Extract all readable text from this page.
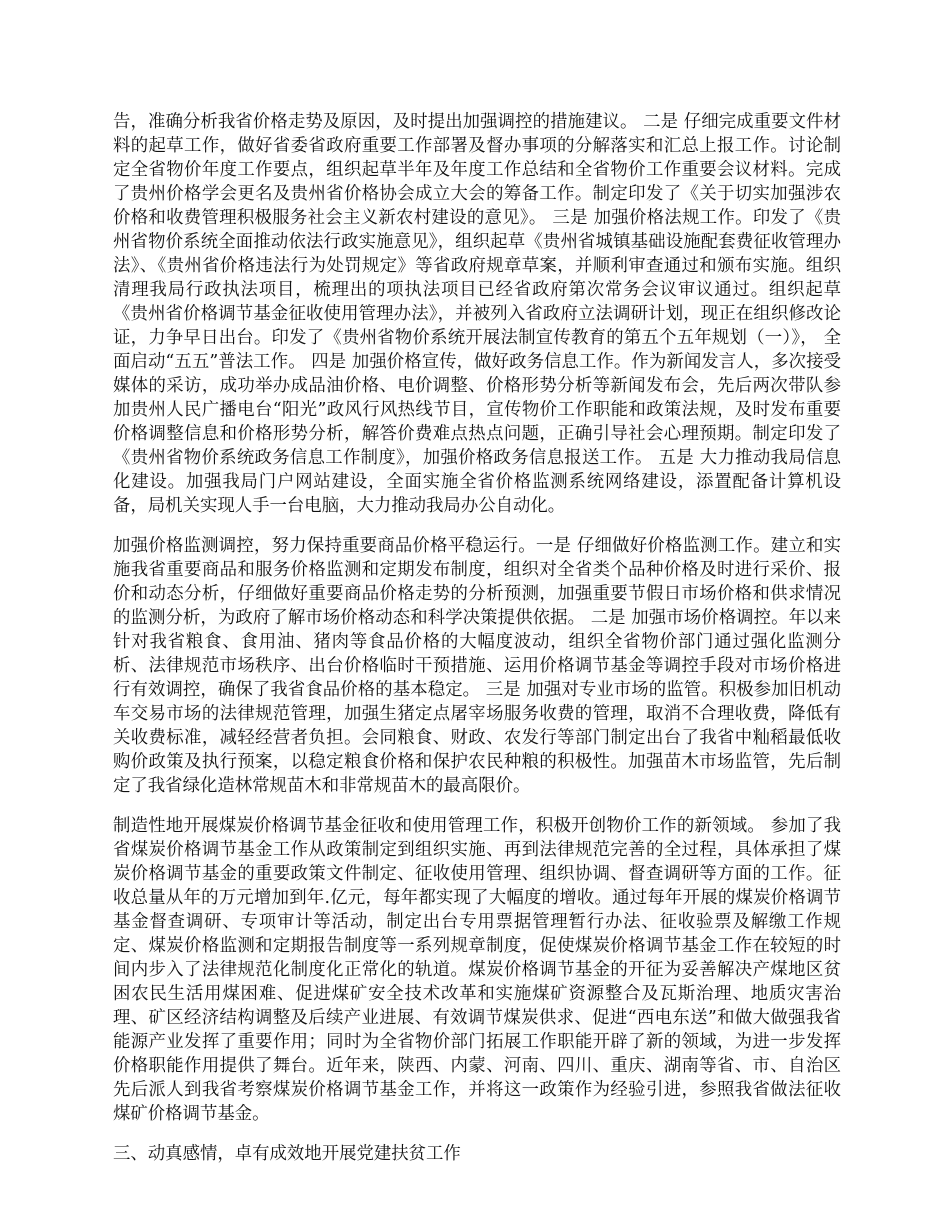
告，准确分析我省价格走势及原因，及时提出加强调控的措施建议。 二是 仔细完成重要文件材料的起草工作，做好省委省政府重要工作部署及督办事项的分解落实和汇总上报工作。讨论制定全省物价年度工作要点，组织起草半年及年度工作总结和全省物价工作重要会议材料。完成了贵州价格学会更名及贵州省价格协会成立大会的筹备工作。制定印发了《关于切实加强涉农价格和收费管理积极服务社会主义新农村建设的意见》。 三是 加强价格法规工作。印发了《贵州省物价系统全面推动依法行政实施意见》，组织起草《贵州省城镇基础设施配套费征收管理办法》、《贵州省价格违法行为处罚规定》等省政府规章草案，并顺利审查通过和颁布实施。组织清理我局行政执法项目，梳理出的项执法项目已经省政府第次常务会议审议通过。组织起草《贵州省价格调节基金征收使用管理办法》，并被列入省政府立法调研计划，现正在组织修改论证，力争早日出台。印发了《贵州省物价系统开展法制宣传教育的第五个五年规划（一）》， 全面启动“五五”普法工作。 四是 加强价格宣传，做好政务信息工作。作为新闻发言人，多次接受媒体的采访，成功举办成品油价格、电价调整、价格形势分析等新闻发布会，先后两次带队参加贵州人民广播电台“阳光”政风行风热线节目，宣传物价工作职能和政策法规，及时发布重要价格调整信息和价格形势分析，解答价费难点热点问题，正确引导社会心理预期。制定印发了《贵州省物价系统政务信息工作制度》，加强价格政务信息报送工作。 五是 大力推动我局信息化建设。加强我局门户网站建设，全面实施全省价格监测系统网络建设，添置配备计算机设备，局机关实现人手一台电脑，大力推动我局办公自动化。

加强价格监测调控，努力保持重要商品价格平稳运行。一是 仔细做好价格监测工作。建立和实施我省重要商品和服务价格监测和定期发布制度，组织对全省类个品种价格及时进行采价、报价和动态分析，仔细做好重要商品价格走势的分析预测，加强重要节假日市场价格和供求情况的监测分析，为政府了解市场价格动态和科学决策提供依据。 二是 加强市场价格调控。年以来针对我省粮食、食用油、猪肉等食品价格的大幅度波动，组织全省物价部门通过强化监测分析、法律规范市场秩序、出台价格临时干预措施、运用价格调节基金等调控手段对市场价格进行有效调控，确保了我省食品价格的基本稳定。 三是 加强对专业市场的监管。积极参加旧机动车交易市场的法律规范管理，加强生猪定点屠宰场服务收费的管理，取消不合理收费，降低有关收费标准，减轻经营者负担。会同粮食、财政、农发行等部门制定出台了我省中籼稻最低收购价政策及执行预案，以稳定粮食价格和保护农民种粮的积极性。加强苗木市场监管，先后制定了我省绿化造林常规苗木和非常规苗木的最高限价。

制造性地开展煤炭价格调节基金征收和使用管理工作，积极开创物价工作的新领域。 参加了我省煤炭价格调节基金工作从政策制定到组织实施、再到法律规范完善的全过程，具体承担了煤炭价格调节基金的重要政策文件制定、征收使用管理、组织协调、督查调研等方面的工作。征收总量从年的万元增加到年.亿元，每年都实现了大幅度的增收。通过每年开展的煤炭价格调节基金督查调研、专项审计等活动，制定出台专用票据管理暂行办法、征收验票及解缴工作规定、煤炭价格监测和定期报告制度等一系列规章制度，促使煤炭价格调节基金工作在较短的时间内步入了法律规范化制度化正常化的轨道。煤炭价格调节基金的开征为妥善解决产煤地区贫困农民生活用煤困难、促进煤矿安全技术改革和实施煤矿资源整合及瓦斯治理、地质灾害治理、矿区经济结构调整及后续产业进展、有效调节煤炭供求、促进“西电东送”和做大做强我省能源产业发挥了重要作用；同时为全省物价部门拓展工作职能开辟了新的领域，为进一步发挥价格职能作用提供了舞台。近年来，陕西、内蒙、河南、四川、重庆、湖南等省、市、自治区先后派人到我省考察煤炭价格调节基金工作，并将这一政策作为经验引进，参照我省做法征收煤矿价格调节基金。

三、动真感情，卓有成效地开展党建扶贫工作
